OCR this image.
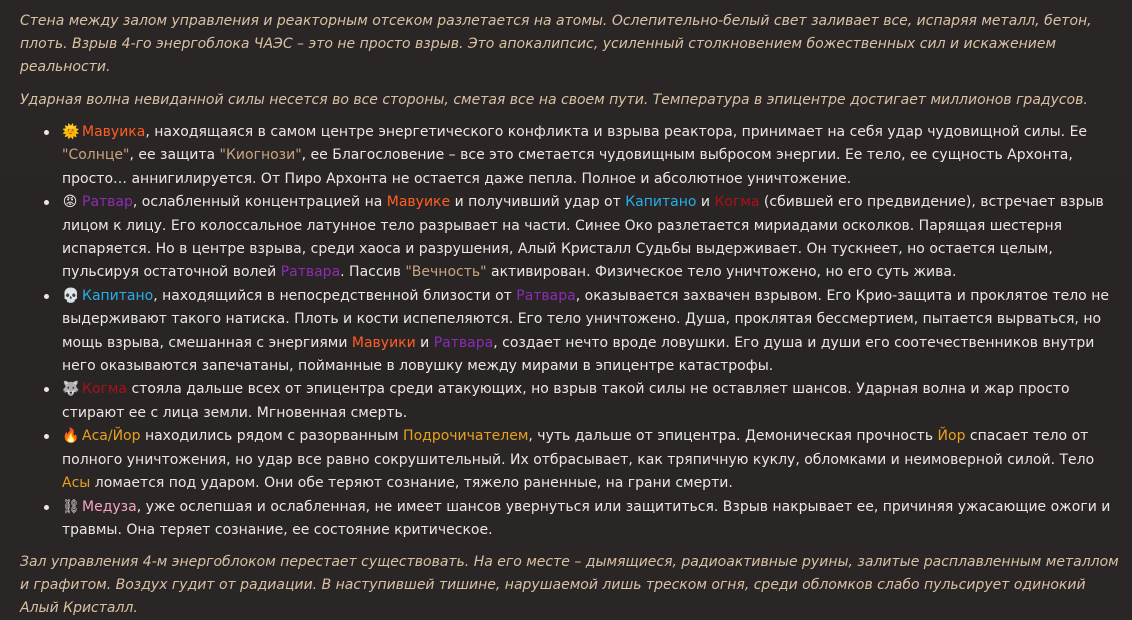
Стена между залом управления и реакторным отсеком разлетается на атомы. Ослепительно-белый свет заливает все, испаряя металл, бетон, плоть. Взрыв 4-го энергоблока ЧАЭС – это не просто взрыв. Это апокалипсис, усиленный столкновением божественных сил и искажением реальности.

Ударная волна невиданной силы несется во все стороны, сметая все на своем пути. Температура в эпицентре достигает миллионов градусов.

🌞 Мавуика, находящаяся в самом центре энергетического конфликта и взрыва реактора, принимает на себя удар чудовищной силы. Ее "Солнце", ее защита "Киогнози", ее Благословение – все это сметается чудовищным выбросом энергии. Ее тело, ее сущность Архонта, просто… аннигилируется. От Пиро Архонта не остается даже пепла. Полное и абсолютное уничтожение.
😡 Ратвар, ослабленный концентрацией на Мавуике и получивший удар от Капитано и Когма (сбившей его предвидение), встречает взрыв лицом к лицу. Его колоссальное латунное тело разрывает на части. Синее Око разлетается мириадами осколков. Парящая шестерня испаряется. Но в центре взрыва, среди хаоса и разрушения, Алый Кристалл Судьбы выдерживает. Он тускнеет, но остается целым, пульсируя остаточной волей Ратвара. Пассив "Вечность" активирован. Физическое тело уничтожено, но его суть жива.
💀 Капитано, находящийся в непосредственной близости от Ратвара, оказывается захвачен взрывом. Его Крио-защита и проклятое тело не выдерживают такого натиска. Плоть и кости испепеляются. Его тело уничтожено. Душа, проклятая бессмертием, пытается вырваться, но мощь взрыва, смешанная с энергиями Мавуики и Ратвара, создает нечто вроде ловушки. Его душа и души его соотечественников внутри него оказываются запечатаны, пойманные в ловушку между мирами в эпицентре катастрофы.
🐺 Когма стояла дальше всех от эпицентра среди атакующих, но взрыв такой силы не оставляет шансов. Ударная волна и жар просто стирают ее с лица земли. Мгновенная смерть.
🔥 Аса/Йор находились рядом с разорванным Подрочичателем, чуть дальше от эпицентра. Демоническая прочность Йор спасает тело от полного уничтожения, но удар все равно сокрушительный. Их отбрасывает, как тряпичную куклу, обломками и неимоверной силой. Тело Асы ломается под ударом. Они обе теряют сознание, тяжело раненные, на грани смерти.
⛓ Медуза, уже ослепшая и ослабленная, не имеет шансов увернуться или защититься. Взрыв накрывает ее, причиняя ужасающие ожоги и травмы. Она теряет сознание, ее состояние критическое.

Зал управления 4-м энергоблоком перестает существовать. На его месте – дымящиеся, радиоактивные руины, залитые расплавленным металлом и графитом. Воздух гудит от радиации. В наступившей тишине, нарушаемой лишь треском огня, среди обломков слабо пульсирует одинокий Алый Кристалл.
